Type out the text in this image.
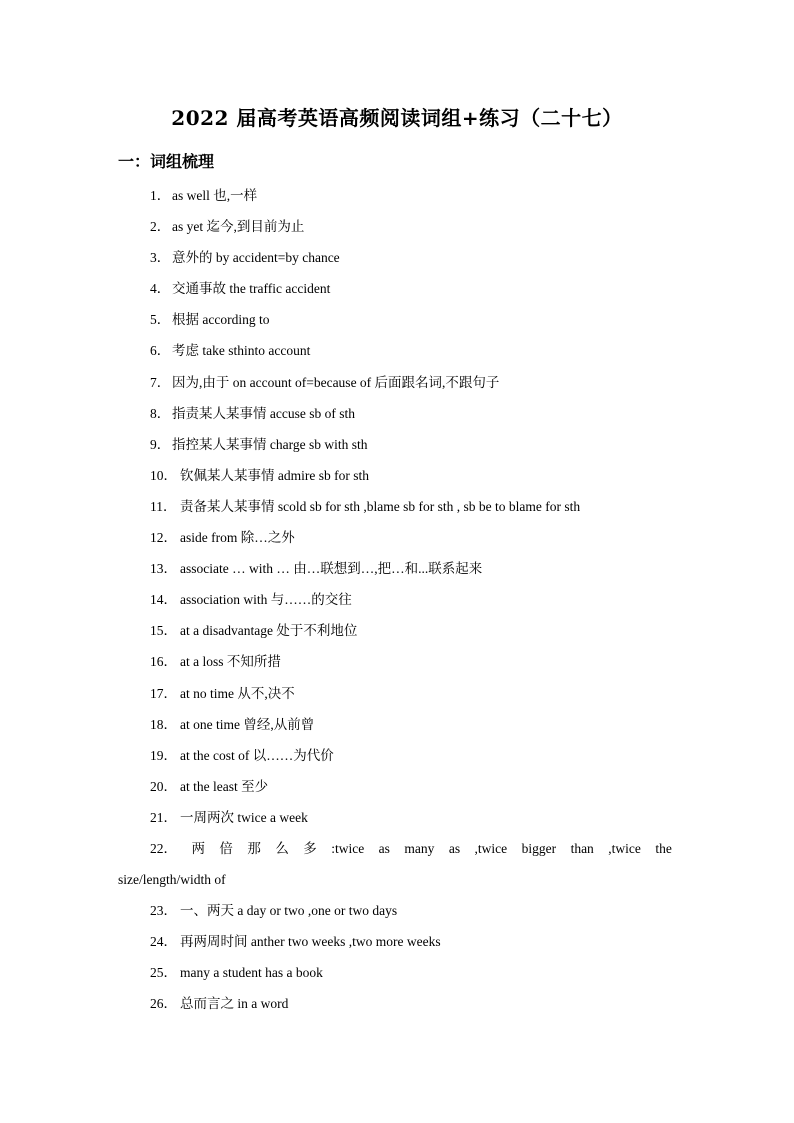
2022 届高考英语高频阅读词组+练习（二十七）
一：词组梳理
1． as well 也,一样
2． as yet 迄今,到目前为止
3． 意外的 by accident=by chance
4． 交通事故 the traffic accident
5． 根据 according to
6． 考虑 take sthinto account
7． 因为,由于 on account of=because of 后面跟名词,不跟句子
8． 指责某人某事情 accuse sb of sth
9． 指控某人某事情 charge sb with sth
10． 钦佩某人某事情 admire sb for sth
11． 责备某人某事情 scold sb for sth ,blame sb for sth , sb be to blame for sth
12． aside from 除…之外
13． associate … with … 由…联想到…,把…和...联系起来
14． association with 与……的交往
15． at a disadvantage 处于不利地位
16． at a loss 不知所措
17． at no time 从不,决不
18． at one time 曾经,从前曾
19． at the cost of 以……为代价
20． at the least 至少
21． 一周两次 twice a week
22． 两 倍 那 么 多 :twice as many as ,twice bigger than ,twice the
size/length/width of
23． 一、两天 a day or two ,one or two days
24． 再两周时间 anther two weeks ,two more weeks
25． many a student has a book
26． 总而言之 in a word
